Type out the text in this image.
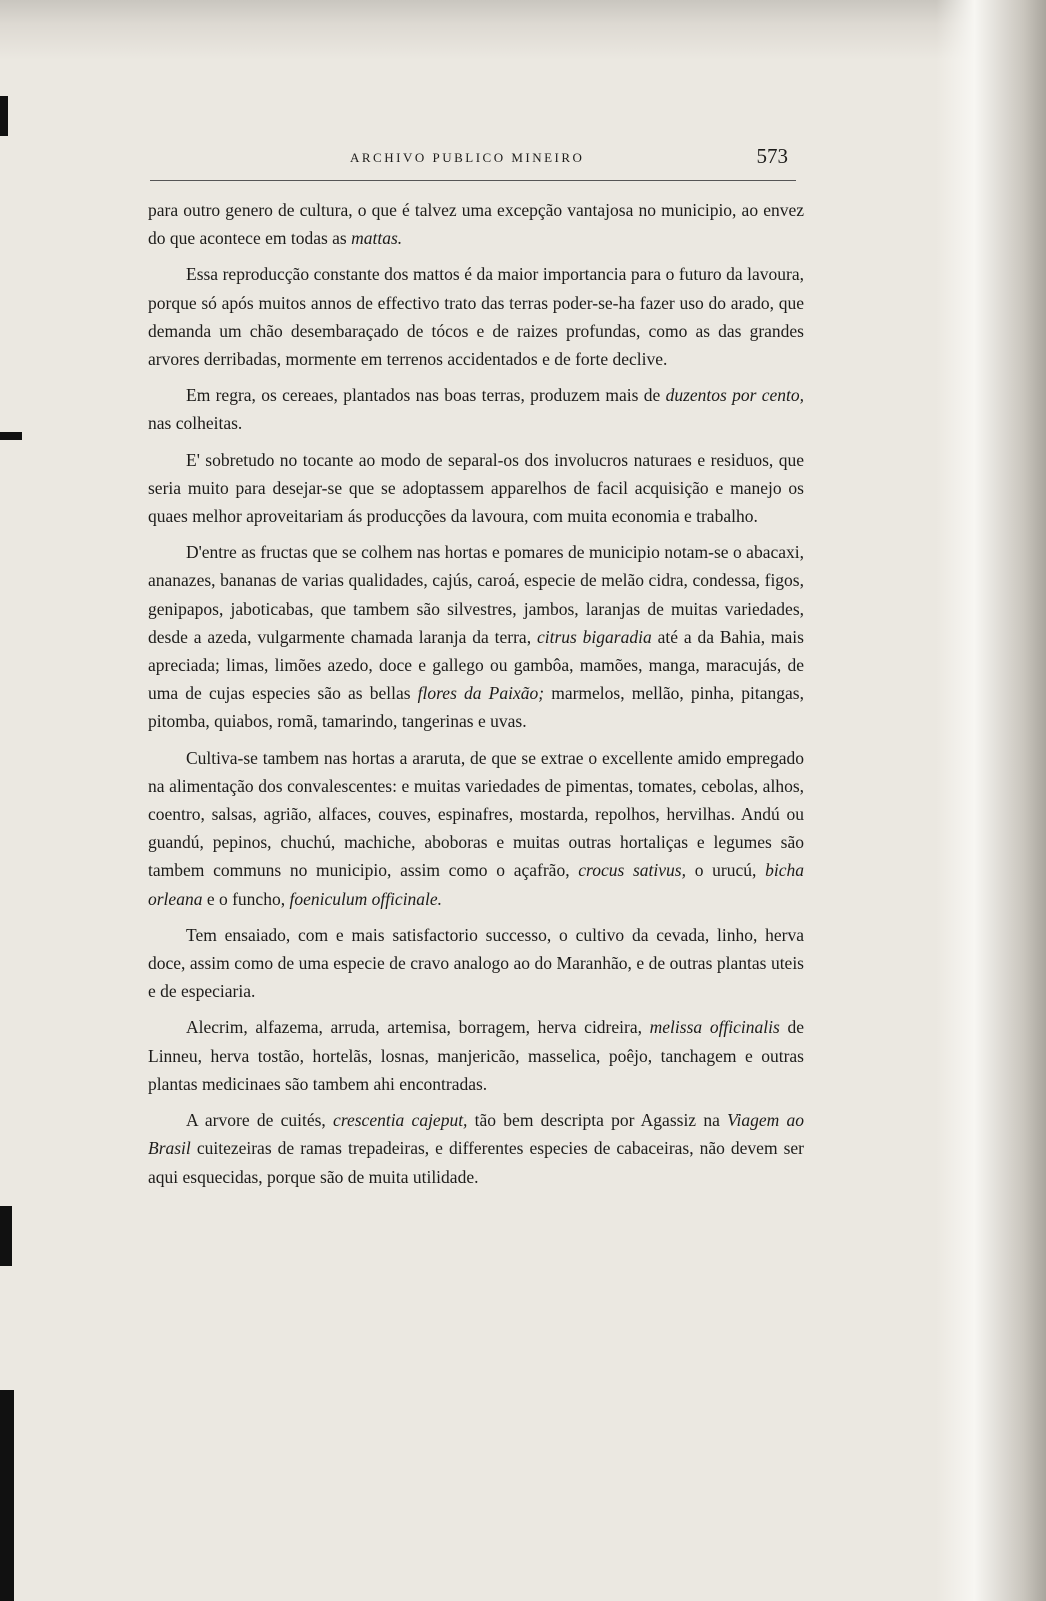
ARCHIVO PUBLICO MINEIRO	573

para outro genero de cultura, o que é talvez uma excepção vantajosa no municipio, ao envez do que acontece em todas as mattas.

Essa reproducção constante dos mattos é da maior importancia para o futuro da lavoura, porque só após muitos annos de effectivo trato das terras poder-se-ha fazer uso do arado, que demanda um chão desembaraçado de tócos e de raizes profundas, como as das grandes arvores derribadas, mormente em terrenos accidentados e de forte declive.

Em regra, os cereaes, plantados nas boas terras, produzem mais de duzentos por cento, nas colheitas.

E' sobretudo no tocante ao modo de separal-os dos involucros naturaes e residuos, que seria muito para desejar-se que se adoptassem apparelhos de facil acquisição e manejo os quaes melhor aproveitariam ás producções da lavoura, com muita economia e trabalho.

D'entre as fructas que se colhem nas hortas e pomares de municipio notam-se o abacaxi, ananazes, bananas de varias qualidades, cajús, caroá, especie de melão cidra, condessa, figos, genipapos, jaboticabas, que tambem são silvestres, jambos, laranjas de muitas variedades, desde a azeda, vulgarmente chamada laranja da terra, citrus bigaradia até a da Bahia, mais apreciada; limas, limões azedo, doce e gallego ou gambôa, mamões, manga, maracujás, de uma de cujas especies são as bellas flores da Paixão; marmelos, mellão, pinha, pitangas, pitomba, quiabos, romã, tamarindo, tangerinas e uvas.

Cultiva-se tambem nas hortas a araruta, de que se extrae o excellente amido empregado na alimentação dos convalescentes: e muitas variedades de pimentas, tomates, cebolas, alhos, coentro, salsas, agrião, alfaces, couves, espinafres, mostarda, repolhos, hervilhas. Andú ou guandú, pepinos, chuchú, machiche, aboboras e muitas outras hortaliças e legumes são tambem communs no municipio, assim como o açafrão, crocus sativus, o urucú, bicha orleana e o funcho, foeniculum officinale.

Tem ensaiado, com e mais satisfactorio successo, o cultivo da cevada, linho, herva doce, assim como de uma especie de cravo analogo ao do Maranhão, e de outras plantas uteis e de especiaria.

Alecrim, alfazema, arruda, artemisa, borragem, herva cidreira, melissa officinalis de Linneu, herva tostão, hortelãs, losnas, manjericão, masselica, poêjo, tanchagem e outras plantas medicinaes são tambem ahi encontradas.

A arvore de cuités, crescentia cajeput, tão bem descripta por Agassiz na Viagem ao Brasil cuitezeiras de ramas trepadeiras, e differentes especies de cabaceiras, não devem ser aqui esquecidas, porque são de muita utilidade.
